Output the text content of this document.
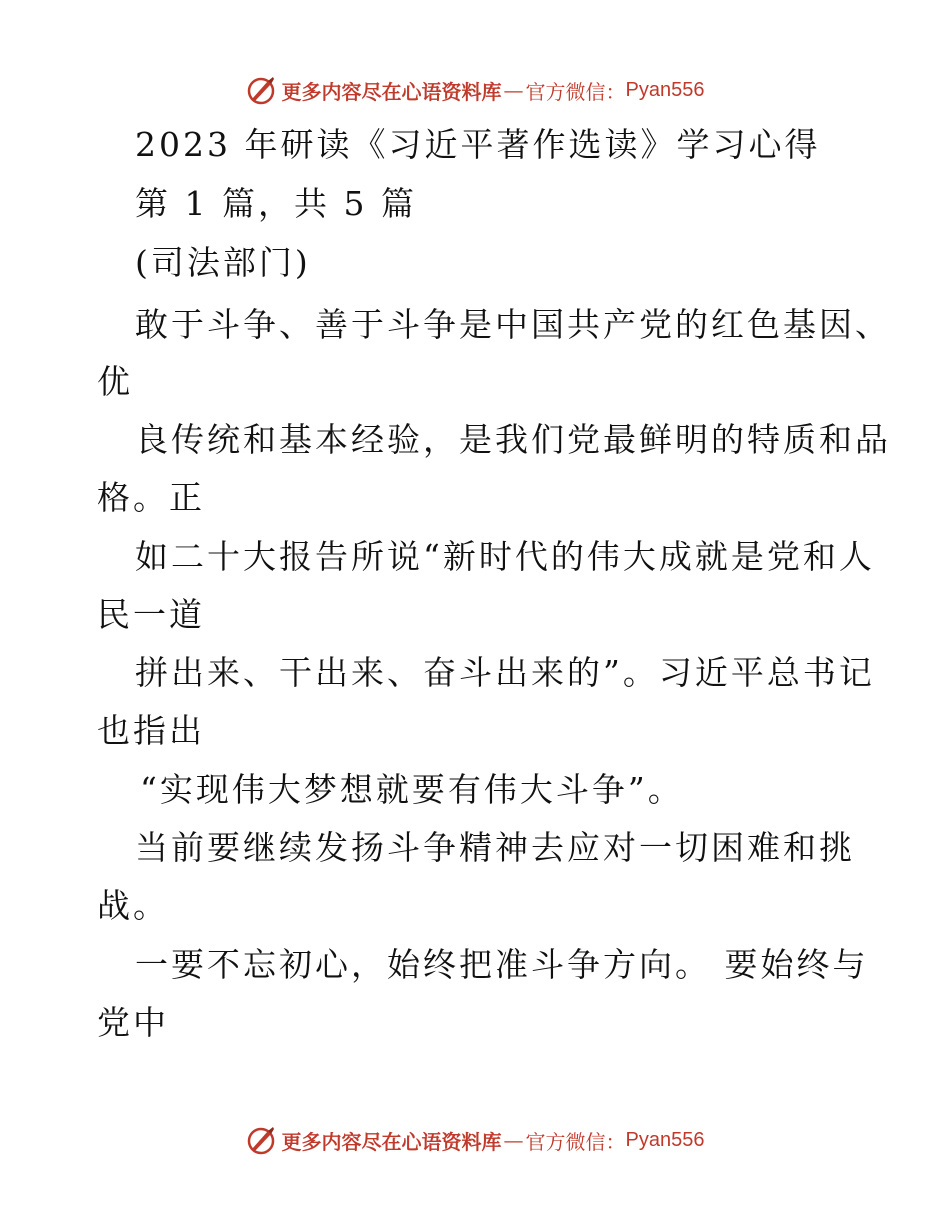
更多内容尽在心语资料库 — 官方微信： Pyan556
2023 年研读《习近平著作选读》学习心得
第 1 篇，共 5 篇
(司法部门)
敢于斗争、善于斗争是中国共产党的红色基因、
优
良传统和基本经验，是我们党最鲜明的特质和品
格。正
如二十大报告所说“新时代的伟大成就是党和人
民一道
拼出来、干出来、奋斗出来的”。习近平总书记
也指出
“实现伟大梦想就要有伟大斗争”。
当前要继续发扬斗争精神去应对一切困难和挑
战。
一要不忘初心，始终把准斗争方向。 要始终与
党中
更多内容尽在心语资料库 — 官方微信： Pyan556
